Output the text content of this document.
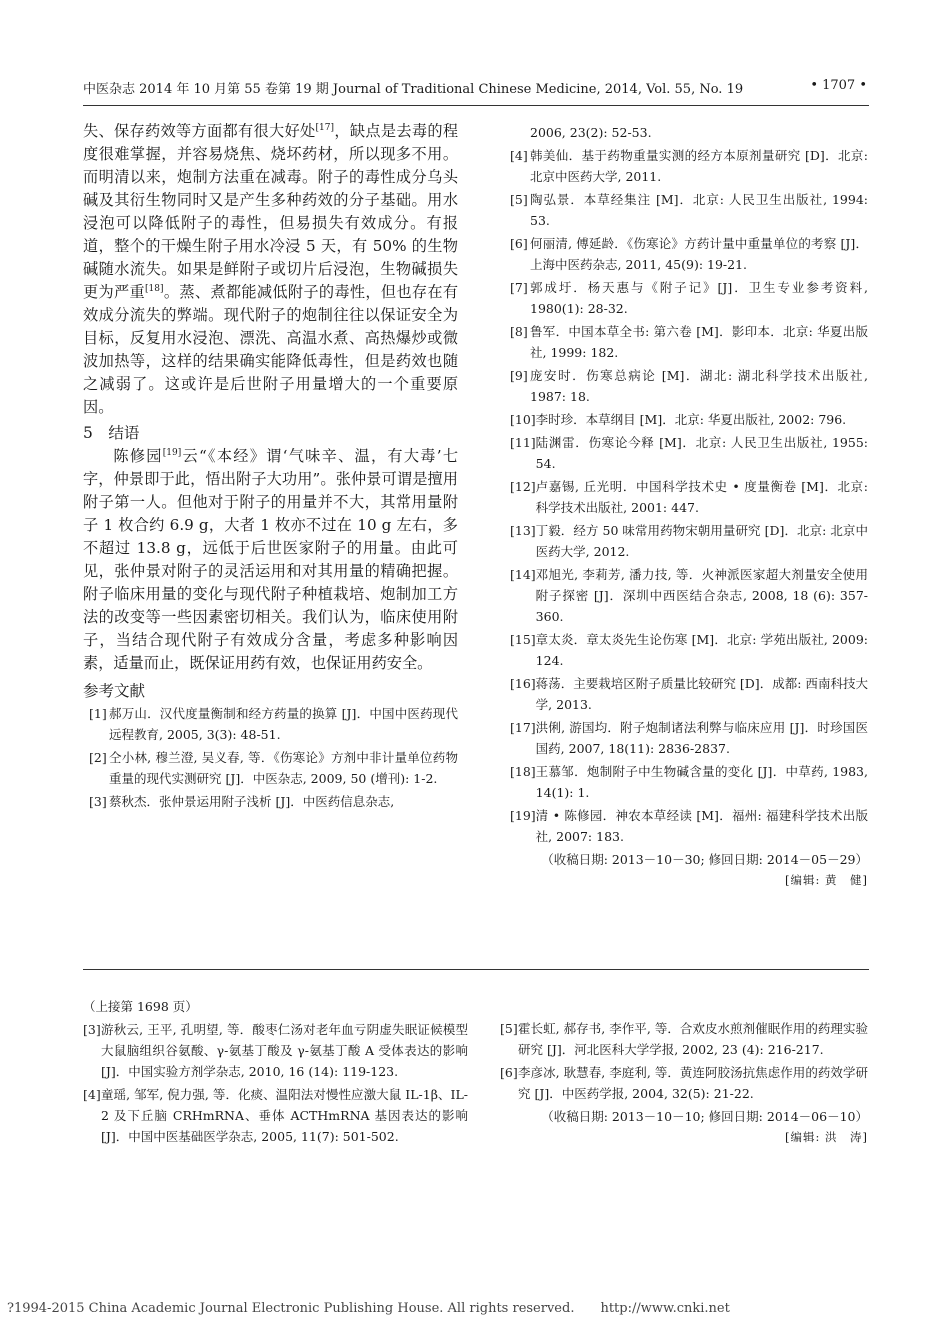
中医杂志 2014 年 10 月第 55 卷第 19 期 Journal of Traditional Chinese Medicine, 2014, Vol. 55, No. 19	• 1707 •

失、保存药效等方面都有很大好处[17]，缺点是去毒的程度很难掌握，并容易烧焦、烧坏药材，所以现多不用。而明清以来，炮制方法重在减毒。附子的毒性成分乌头碱及其衍生物同时又是产生多种药效的分子基础。用水浸泡可以降低附子的毒性，但易损失有效成分。有报道，整个的干燥生附子用水冷浸 5 天，有 50% 的生物碱随水流失。如果是鲜附子或切片后浸泡，生物碱损失更为严重[18]。蒸、煮都能减低附子的毒性，但也存在有效成分流失的弊端。现代附子的炮制往往以保证安全为目标，反复用水浸泡、漂洗、高温水煮、高热爆炒或微波加热等，这样的结果确实能降低毒性，但是药效也随之减弱了。这或许是后世附子用量增大的一个重要原因。

5　结语

陈修园[19]云“《本经》谓‘气味辛、温，有大毒’七字，仲景即于此，悟出附子大功用”。张仲景可谓是擅用附子第一人。但他对于附子的用量并不大，其常用量附子 1 枚合约 6.9 g，大者 1 枚亦不过在 10 g 左右，多不超过 13.8 g，远低于后世医家附子的用量。由此可见，张仲景对附子的灵活运用和对其用量的精确把握。附子临床用量的变化与现代附子种植栽培、炮制加工方法的改变等一些因素密切相关。我们认为，临床使用附子，当结合现代附子有效成分含量，考虑多种影响因素，适量而止，既保证用药有效，也保证用药安全。

参考文献
[1] 郝万山．汉代度量衡制和经方药量的换算 [J]．中国中医药现代远程教育, 2005, 3(3): 48-51.
[2] 仝小林, 穆兰澄, 吴义春, 等．《伤寒论》方剂中非计量单位药物重量的现代实测研究 [J]．中医杂志, 2009, 50 (增刊): 1-2.
[3] 蔡秋杰．张仲景运用附子浅析 [J]．中医药信息杂志,
2006, 23(2): 52-53.
[4] 韩美仙．基于药物重量实测的经方本原剂量研究 [D]．北京: 北京中医药大学, 2011.
[5] 陶弘景．本草经集注 [M]．北京: 人民卫生出版社, 1994: 53.
[6] 何丽清, 傅延龄．《伤寒论》方药计量中重量单位的考察 [J]．上海中医药杂志, 2011, 45(9): 19-21.
[7] 郭成圩．杨天惠与《附子记》[J]．卫生专业参考资料, 1980(1): 28-32.
[8] 鲁军．中国本草全书: 第六卷 [M]．影印本．北京: 华夏出版社, 1999: 182.
[9] 庞安时．伤寒总病论 [M]．湖北: 湖北科学技术出版社, 1987: 18.
[10] 李时珍．本草纲目 [M]．北京: 华夏出版社, 2002: 796.
[11] 陆渊雷．伤寒论今释 [M]．北京: 人民卫生出版社, 1955: 54.
[12] 卢嘉锡, 丘光明．中国科学技术史 • 度量衡卷 [M]．北京: 科学技术出版社, 2001: 447.
[13] 丁毅．经方 50 味常用药物宋朝用量研究 [D]．北京: 北京中医药大学, 2012.
[14] 邓旭光, 李莉芳, 潘力技, 等．火神派医家超大剂量安全使用附子探密 [J]．深圳中西医结合杂志, 2008, 18 (6): 357-360.
[15] 章太炎．章太炎先生论伤寒 [M]．北京: 学苑出版社, 2009: 124.
[16] 蒋荡．主要栽培区附子质量比较研究 [D]．成都: 西南科技大学, 2013.
[17] 洪俐, 游国均．附子炮制诸法利弊与临床应用 [J]．时珍国医国药, 2007, 18(11): 2836-2837.
[18] 王慕邹．炮制附子中生物碱含量的变化 [J]．中草药, 1983, 14(1): 1.
[19] 清 • 陈修园．神农本草经读 [M]．福州: 福建科学技术出版社, 2007: 183.

（收稿日期: 2013－10－30; 修回日期: 2014－05－29）

[编辑: 黄　健]

（上接第 1698 页）

[3] 游秋云, 王平, 孔明望, 等．酸枣仁汤对老年血亏阴虚失眠证候模型大鼠脑组织谷氨酸、γ-氨基丁酸及 γ-氨基丁酸 A 受体表达的影响 [J]．中国实验方剂学杂志, 2010, 16 (14): 119-123.
[4] 童瑶, 邹军, 倪力强, 等．化痰、温阳法对慢性应激大鼠 IL-1β、IL-2 及下丘脑 CRHmRNA、垂体 ACTHmRNA 基因表达的影响 [J]．中国中医基础医学杂志, 2005, 11(7): 501-502.
[5] 霍长虹, 郝存书, 李作平, 等．合欢皮水煎剂催眠作用的药理实验研究 [J]．河北医科大学学报, 2002, 23 (4): 216-217.
[6] 李彦冰, 耿慧春, 李庭利, 等．黄连阿胶汤抗焦虑作用的药效学研究 [J]．中医药学报, 2004, 32(5): 21-22.

（收稿日期: 2013－10－10; 修回日期: 2014－06－10）

[编辑: 洪　涛]

?1994-2015 China Academic Journal Electronic Publishing House. All rights reserved.　　http://www.cnki.net
